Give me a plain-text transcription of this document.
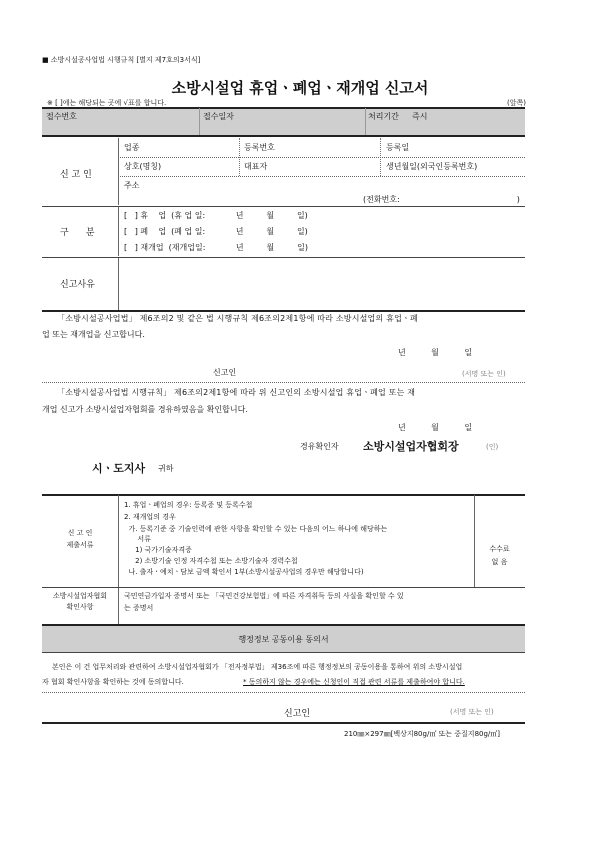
■ 소방시설공사업법 시행규칙 [별지 제7호의3서식]
소방시설업 휴업ㆍ폐업ㆍ재개업 신고서
※ [ ]에는 해당되는 곳에 √표를 합니다.	(앞쪽)
접수번호	접수일자	처리기간 즉시
신 고 인
업종	등록번호	등록일
상호(명칭)	대표자	생년월일(외국인등록번호)
주소
(전화번호:                                              )
구      분
[   ] 휴    업  (휴 업 일:            년         월         일)
[   ] 폐    업  (폐 업 일:            년         월         일)
[   ] 재개업  (재개업일:            년         월         일)
신고사유
「소방시설공사업법」 제6조의2 및 같은 법 시행규칙 제6조의2제1항에 따라 소방시설업의 휴업ㆍ폐
업 또는 재개업을 신고합니다.
년          월          일
신고인	(서명 또는 인)
「소방시설공사업법 시행규칙」 제6조의2제1항에 따라 위 신고인의 소방시설업 휴업ㆍ폐업 또는 재
개업 신고가 소방시설업자협회를 경유하였음을 확인합니다.
년          월          일
경유확인자 소방시설업자협회장	(인)
시ㆍ도지사 귀하
신 고 인
제출서류
1. 휴업ㆍ폐업의 경우: 등록증 및 등록수첩
2. 재개업의 경우
가. 등록기준 중 기술인력에 관한 사항을 확인할 수 있는 다음의 어느 하나에 해당하는
서류
1) 국가기술자격증
2) 소방기술 인정 자격수첩 또는 소방기술자 경력수첩
나. 출자ㆍ예치ㆍ담보 금액 확인서 1부(소방시설공사업의 경우만 해당합니다)
수수료
없 음
소방시설업자협회
확인사항
국민연금가입자 증명서 또는 「국민건강보험법」에 따른 자격취득 등의 사실을 확인할 수 있
는 증명서
행정정보 공동이용 동의서
본인은 이 건 업무처리와 관련하여 소방시설업자협회가 「전자정부법」 제36조에 따른 행정정보의 공동이용을 통하여 위의 소방시설업
자 협회 확인사항을 확인하는 것에 동의합니다.	* 동의하지 않는 경우에는 신청인이 직접 관련 서류를 제출하여야 합니다.
신고인	(서명 또는 인)
210㎜×297㎜[백상지80g/㎡ 또는 중질지80g/㎡]
